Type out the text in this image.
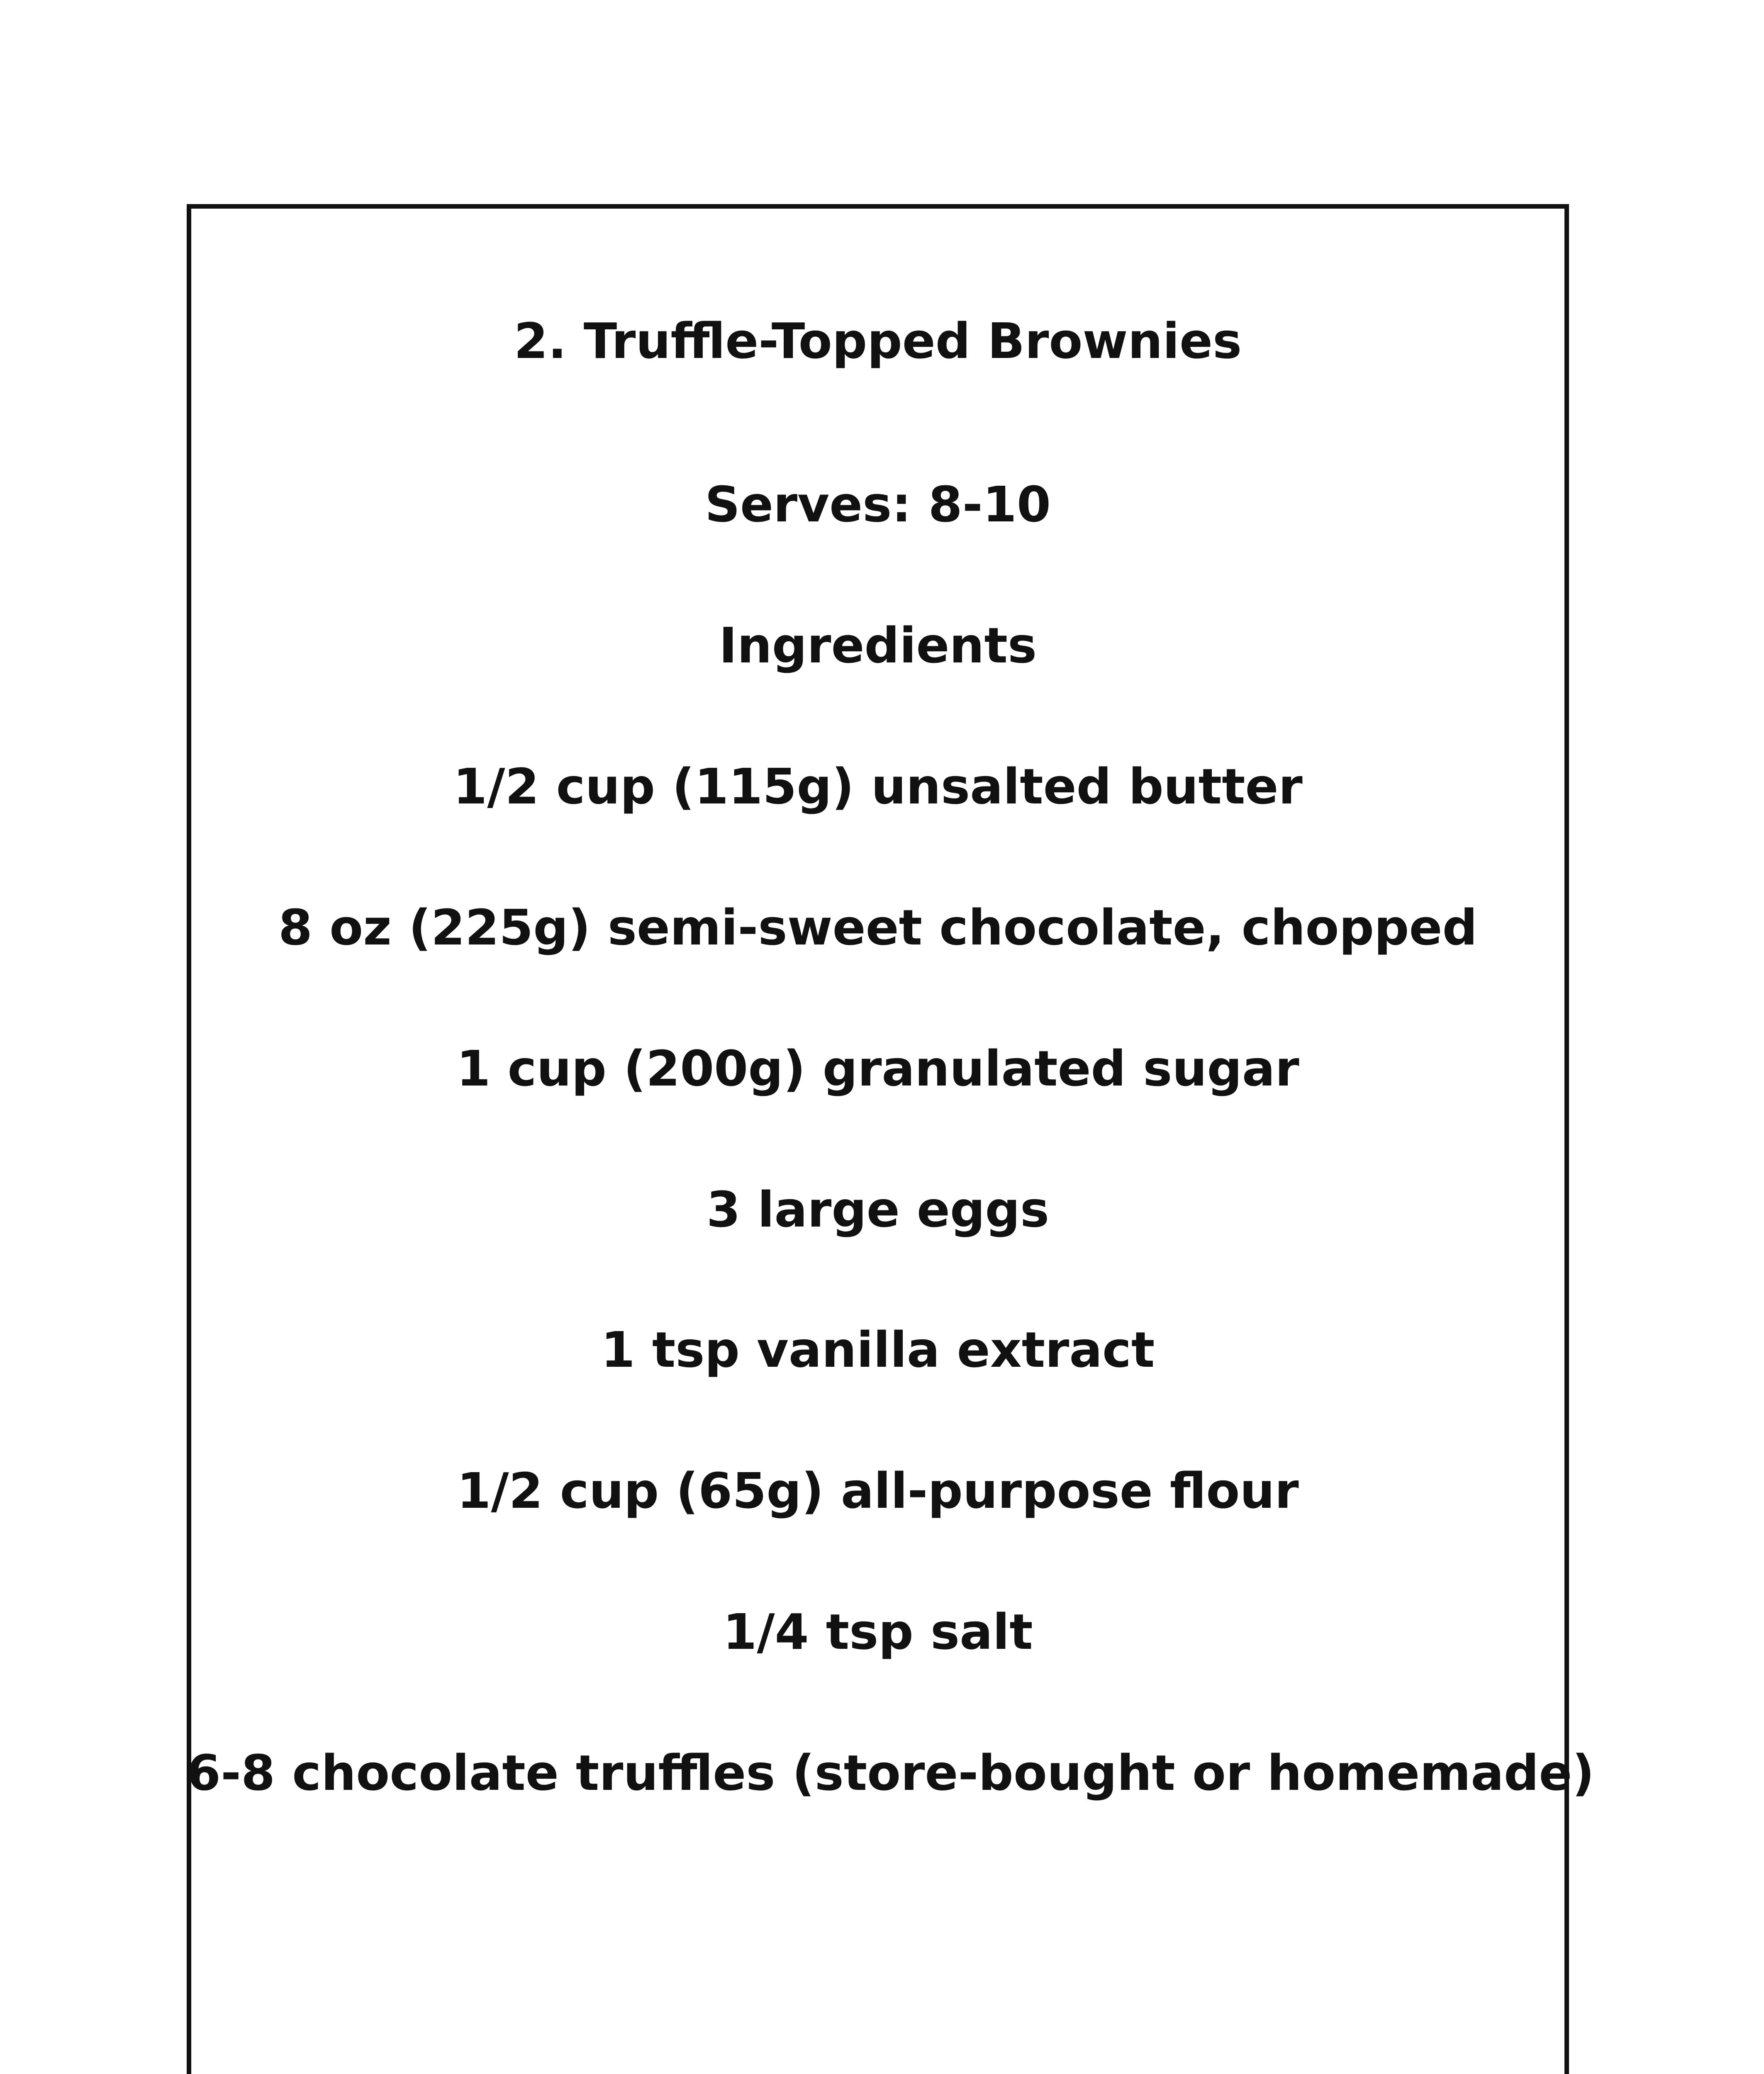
2. Truffle-Topped Brownies
Serves: 8-10
Ingredients
1/2 cup (115g) unsalted butter
8 oz (225g) semi-sweet chocolate, chopped
1 cup (200g) granulated sugar
3 large eggs
1 tsp vanilla extract
1/2 cup (65g) all-purpose flour
1/4 tsp salt
6-8 chocolate truffles (store-bought or homemade)
